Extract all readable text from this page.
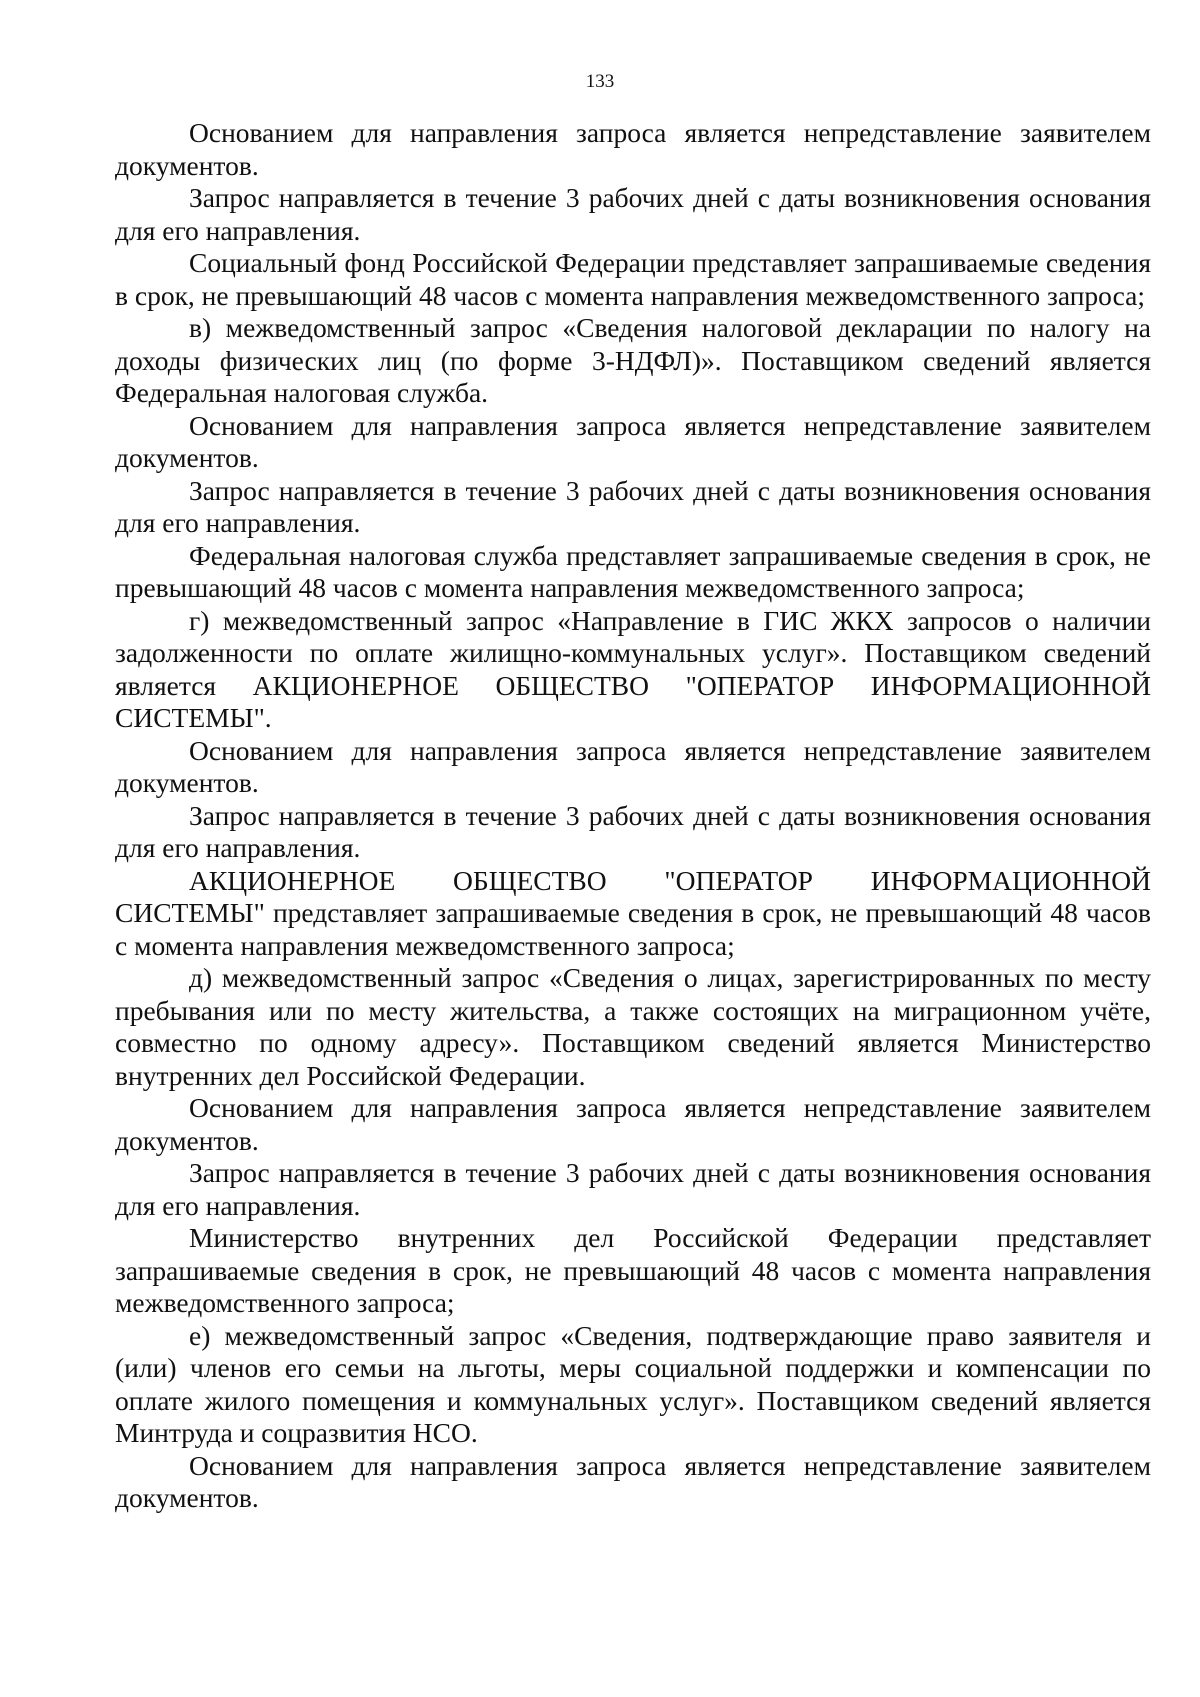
133

Основанием для направления запроса является непредставление заявителем документов.

Запрос направляется в течение 3 рабочих дней с даты возникновения основания для его направления.

Социальный фонд Российской Федерации представляет запрашиваемые сведения в срок, не превышающий 48 часов с момента направления межведомственного запроса;

в) межведомственный запрос «Сведения налоговой декларации по налогу на доходы физических лиц (по форме 3-НДФЛ)». Поставщиком сведений является Федеральная налоговая служба.

Основанием для направления запроса является непредставление заявителем документов.

Запрос направляется в течение 3 рабочих дней с даты возникновения основания для его направления.

Федеральная налоговая служба представляет запрашиваемые сведения в срок, не превышающий 48 часов с момента направления межведомственного запроса;

г) межведомственный запрос «Направление в ГИС ЖКХ запросов о наличии задолженности по оплате жилищно-коммунальных услуг». Поставщиком сведений является АКЦИОНЕРНОЕ ОБЩЕСТВО "ОПЕРАТОР ИНФОРМАЦИОННОЙ СИСТЕМЫ".

Основанием для направления запроса является непредставление заявителем документов.

Запрос направляется в течение 3 рабочих дней с даты возникновения основания для его направления.

АКЦИОНЕРНОЕ ОБЩЕСТВО "ОПЕРАТОР ИНФОРМАЦИОННОЙ СИСТЕМЫ" представляет запрашиваемые сведения в срок, не превышающий 48 часов с момента направления межведомственного запроса;

д) межведомственный запрос «Сведения о лицах, зарегистрированных по месту пребывания или по месту жительства, а также состоящих на миграционном учёте, совместно по одному адресу». Поставщиком сведений является Министерство внутренних дел Российской Федерации.

Основанием для направления запроса является непредставление заявителем документов.

Запрос направляется в течение 3 рабочих дней с даты возникновения основания для его направления.

Министерство внутренних дел Российской Федерации представляет запрашиваемые сведения в срок, не превышающий 48 часов с момента направления межведомственного запроса;

е) межведомственный запрос «Сведения, подтверждающие право заявителя и (или) членов его семьи на льготы, меры социальной поддержки и компенсации по оплате жилого помещения и коммунальных услуг». Поставщиком сведений является Минтруда и соцразвития НСО.

Основанием для направления запроса является непредставление заявителем документов.
